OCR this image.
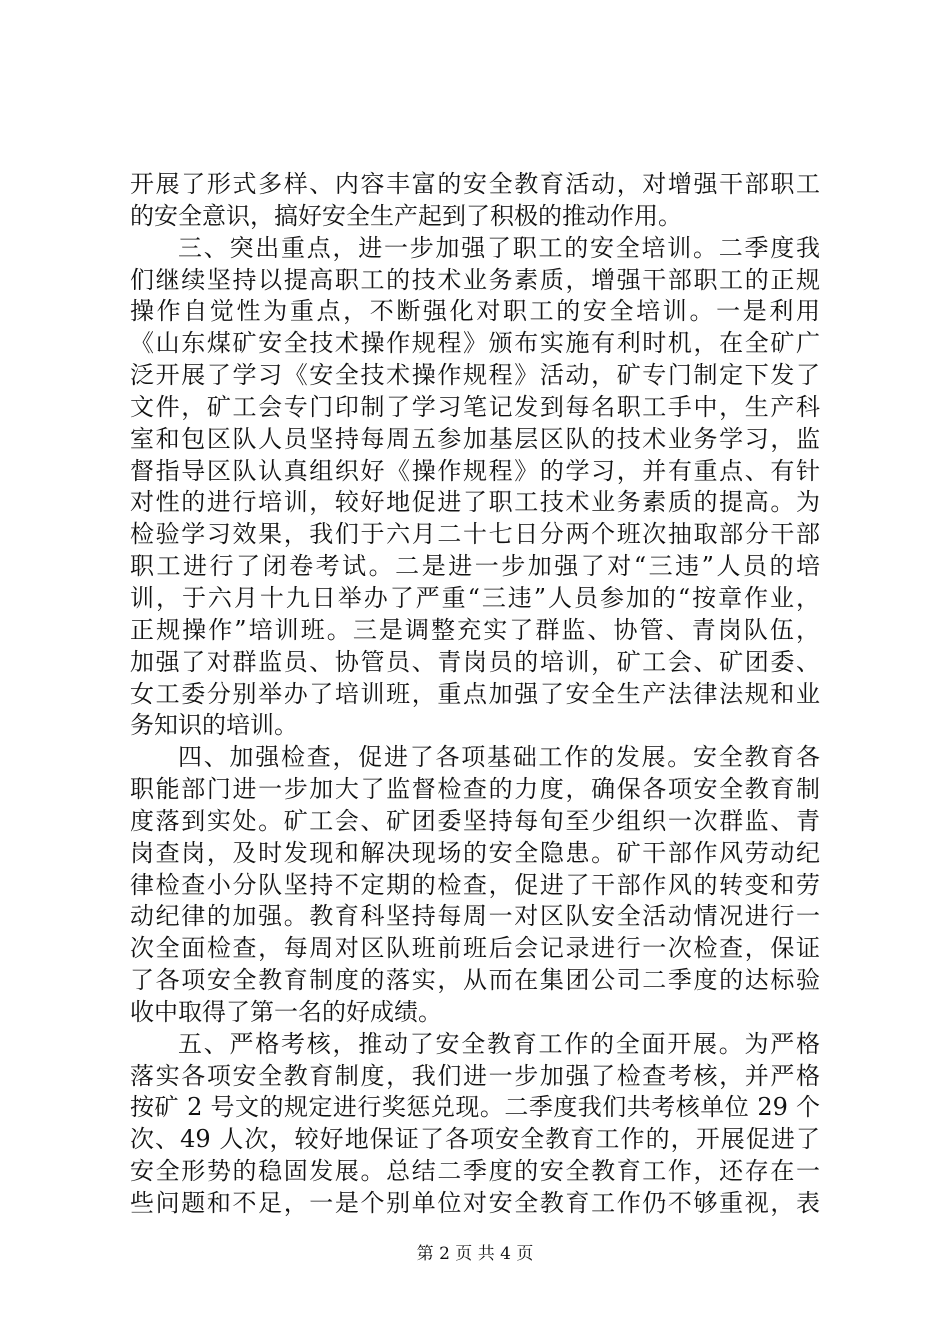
开展了形式多样、内容丰富的安全教育活动，对增强干部职工
的安全意识，搞好安全生产起到了积极的推动作用。
三、突出重点，进一步加强了职工的安全培训。二季度我
们继续坚持以提高职工的技术业务素质，增强干部职工的正规
操作自觉性为重点，不断强化对职工的安全培训。一是利用
《山东煤矿安全技术操作规程》颁布实施有利时机，在全矿广
泛开展了学习《安全技术操作规程》活动，矿专门制定下发了
文件，矿工会专门印制了学习笔记发到每名职工手中，生产科
室和包区队人员坚持每周五参加基层区队的技术业务学习，监
督指导区队认真组织好《操作规程》的学习，并有重点、有针
对性的进行培训，较好地促进了职工技术业务素质的提高。为
检验学习效果，我们于六月二十七日分两个班次抽取部分干部
职工进行了闭卷考试。二是进一步加强了对“三违”人员的培
训，于六月十九日举办了严重“三违”人员参加的“按章作业，
正规操作”培训班。三是调整充实了群监、协管、青岗队伍，
加强了对群监员、协管员、青岗员的培训，矿工会、矿团委、
女工委分别举办了培训班，重点加强了安全生产法律法规和业
务知识的培训。
四、加强检查，促进了各项基础工作的发展。安全教育各
职能部门进一步加大了监督检查的力度，确保各项安全教育制
度落到实处。矿工会、矿团委坚持每旬至少组织一次群监、青
岗查岗，及时发现和解决现场的安全隐患。矿干部作风劳动纪
律检查小分队坚持不定期的检查，促进了干部作风的转变和劳
动纪律的加强。教育科坚持每周一对区队安全活动情况进行一
次全面检查，每周对区队班前班后会记录进行一次检查，保证
了各项安全教育制度的落实，从而在集团公司二季度的达标验
收中取得了第一名的好成绩。
五、严格考核，推动了安全教育工作的全面开展。为严格
落实各项安全教育制度，我们进一步加强了检查考核，并严格
按矿 2 号文的规定进行奖惩兑现。二季度我们共考核单位 29 个
次、49 人次，较好地保证了各项安全教育工作的，开展促进了
安全形势的稳固发展。总结二季度的安全教育工作，还存在一
些问题和不足，一是个别单位对安全教育工作仍不够重视，表
第 2 页 共 4 页
